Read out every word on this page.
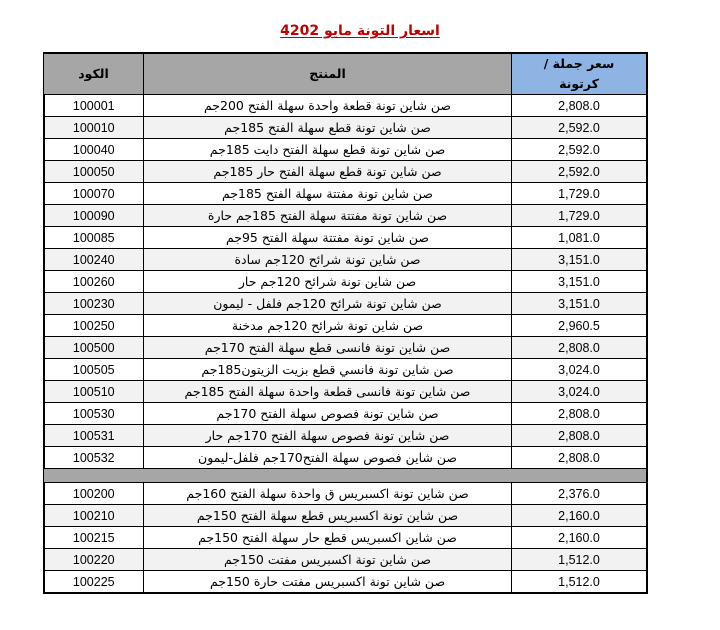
اسعار التونة مايو 2024
سعر جملة /
كرتونة	المنتج	الكود
2,808.0	صن شاين تونة قطعة واحدة سهلة الفتح 200جم	100001
2,592.0	صن شاين تونة قطع سهلة الفتح 185جم	100010
2,592.0	صن شاين تونة قطع سهلة الفتح دايت 185جم	100040
2,592.0	صن شاين تونة قطع سهلة الفتح حار 185جم	100050
1,729.0	صن شاين تونة مفتتة سهلة الفتح 185جم	100070
1,729.0	صن شاين تونة مفتتة سهلة الفتح 185جم حارة	100090
1,081.0	صن شاين تونة مفتتة سهلة الفتح 95جم	100085
3,151.0	صن شاين تونة شرائح 120جم سادة	100240
3,151.0	صن شاين تونة شرائح 120جم حار	100260
3,151.0	صن شاين تونة شرائح 120جم فلفل - ليمون	100230
2,960.5	صن شاين تونة شرائح 120جم مدخنة	100250
2,808.0	صن شاين تونة فانسى قطع سهلة الفتح 170جم	100500
3,024.0	صن شاين تونة فانسي قطع بزيت الزيتون185جم	100505
3,024.0	صن شاين تونة فانسى قطعة واحدة سهلة الفتح 185جم	100510
2,808.0	صن شاين تونة فصوص سهلة الفتح 170جم	100530
2,808.0	صن شاين تونة فصوص سهلة الفتح 170جم حار	100531
2,808.0	صن شاين فصوص سهلة الفتح170جم فلفل-ليمون	100532

2,376.0	صن شاين تونة اكسبريس ق واحدة سهلة الفتح 160جم	100200
2,160.0	صن شاين تونة اكسبريس قطع سهلة الفتح 150جم	100210
2,160.0	صن شاين اكسبريس قطع حار سهلة الفتح 150جم	100215
1,512.0	صن شاين تونة اكسبريس مفتت 150جم	100220
1,512.0	صن شاين تونة اكسبريس مفتت حارة 150جم	100225
